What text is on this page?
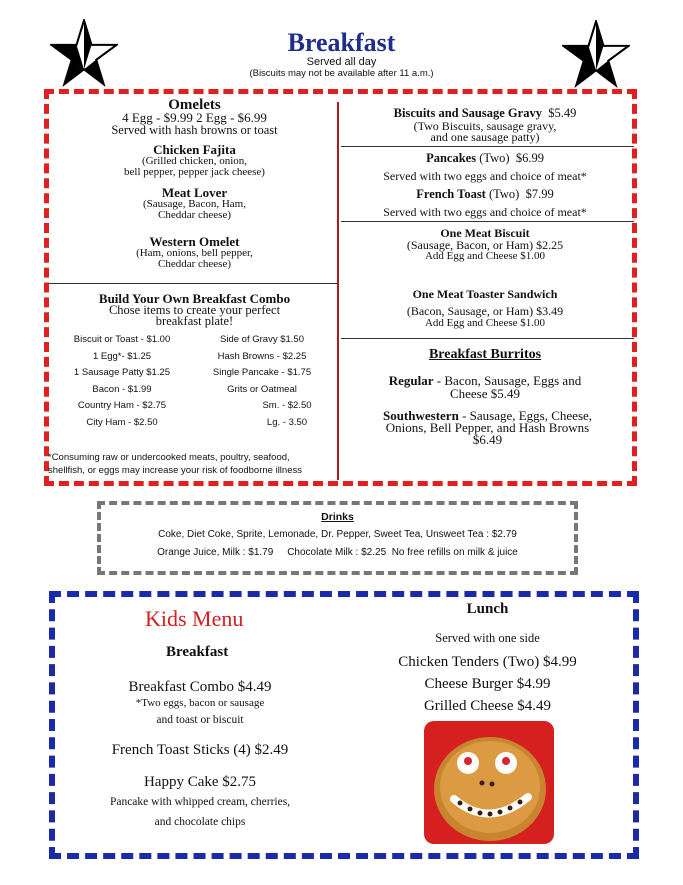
Breakfast
Served all day
(Biscuits may not be available after 11 a.m.)
Omelets
4 Egg - $9.99 2 Egg - $6.99
Served with hash browns or toast
Chicken Fajita
(Grilled chicken, onion,
bell pepper, pepper jack cheese)
Meat Lover
(Sausage, Bacon, Ham,
Cheddar cheese)
Western Omelet
(Ham, onions, bell pepper,
Cheddar cheese)
Build Your Own Breakfast Combo
Chose items to create your perfect
breakfast plate!
Biscuit or Toast - $1.00	Side of Gravy $1.50
1 Egg*- $1.25	Hash Browns - $2.25
1 Sausage Patty $1.25	Single Pancake - $1.75
Bacon - $1.99	Grits or Oatmeal
Country Ham - $2.75	Sm. - $2.50
City Ham - $2.50	Lg. - 3.50
*Consuming raw or undercooked meats, poultry, seafood,
shellfish, or eggs may increase your risk of foodborne illness
Biscuits and Sausage Gravy $5.49
(Two Biscuits, sausage gravy,
and one sausage patty)
Pancakes (Two) $6.99
Served with two eggs and choice of meat*
French Toast (Two) $7.99
Served with two eggs and choice of meat*
One Meat Biscuit
(Sausage, Bacon, or Ham) $2.25
Add Egg and Cheese $1.00
One Meat Toaster Sandwich
(Bacon, Sausage, or Ham) $3.49
Add Egg and Cheese $1.00
Breakfast Burritos
Regular - Bacon, Sausage, Eggs and
Cheese $5.49
Southwestern - Sausage, Eggs, Cheese,
Onions, Bell Pepper, and Hash Browns
$6.49
Drinks
Coke, Diet Coke, Sprite, Lemonade, Dr. Pepper, Sweet Tea, Unsweet Tea : $2.79
Orange Juice, Milk : $1.79     Chocolate Milk : $2.25  No free refills on milk & juice
Kids Menu
Breakfast
Breakfast Combo $4.49
*Two eggs, bacon or sausage
and toast or biscuit
French Toast Sticks (4) $2.49
Happy Cake $2.75
Pancake with whipped cream, cherries,
and chocolate chips
Lunch
Served with one side
Chicken Tenders (Two) $4.99
Cheese Burger $4.99
Grilled Cheese $4.49
